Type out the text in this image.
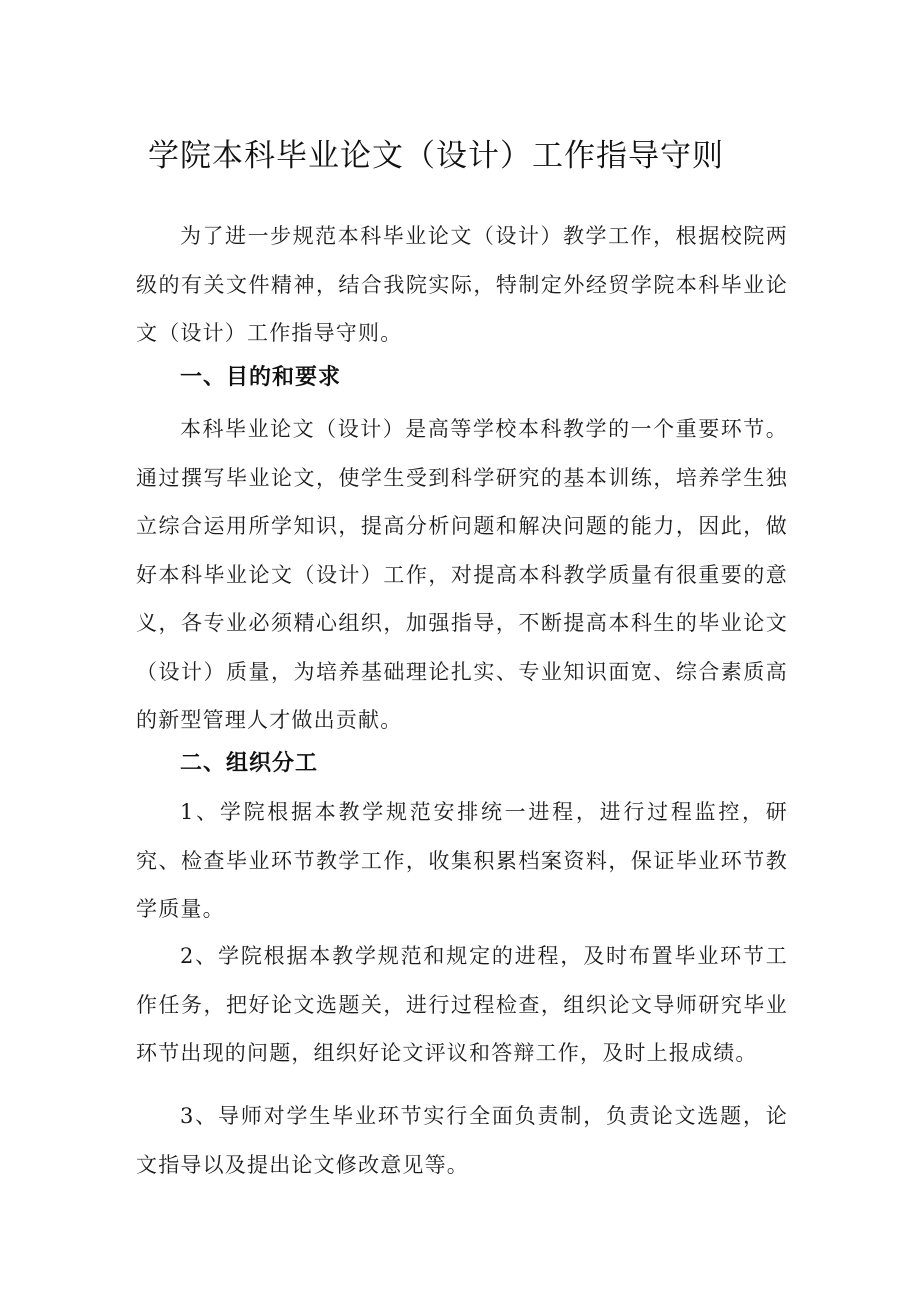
学院本科毕业论文（设计）工作指导守则

为了进一步规范本科毕业论文（设计）教学工作，根据校院两级的有关文件精神，结合我院实际，特制定外经贸学院本科毕业论文（设计）工作指导守则。

一、目的和要求

本科毕业论文（设计）是高等学校本科教学的一个重要环节。通过撰写毕业论文，使学生受到科学研究的基本训练，培养学生独立综合运用所学知识，提高分析问题和解决问题的能力，因此，做好本科毕业论文（设计）工作，对提高本科教学质量有很重要的意义，各专业必须精心组织，加强指导，不断提高本科生的毕业论文（设计）质量，为培养基础理论扎实、专业知识面宽、综合素质高的新型管理人才做出贡献。

二、组织分工

1、学院根据本教学规范安排统一进程，进行过程监控，研究、检查毕业环节教学工作，收集积累档案资料，保证毕业环节教学质量。

2、学院根据本教学规范和规定的进程，及时布置毕业环节工作任务，把好论文选题关，进行过程检查，组织论文导师研究毕业环节出现的问题，组织好论文评议和答辩工作，及时上报成绩。

3、导师对学生毕业环节实行全面负责制，负责论文选题，论文指导以及提出论文修改意见等。
